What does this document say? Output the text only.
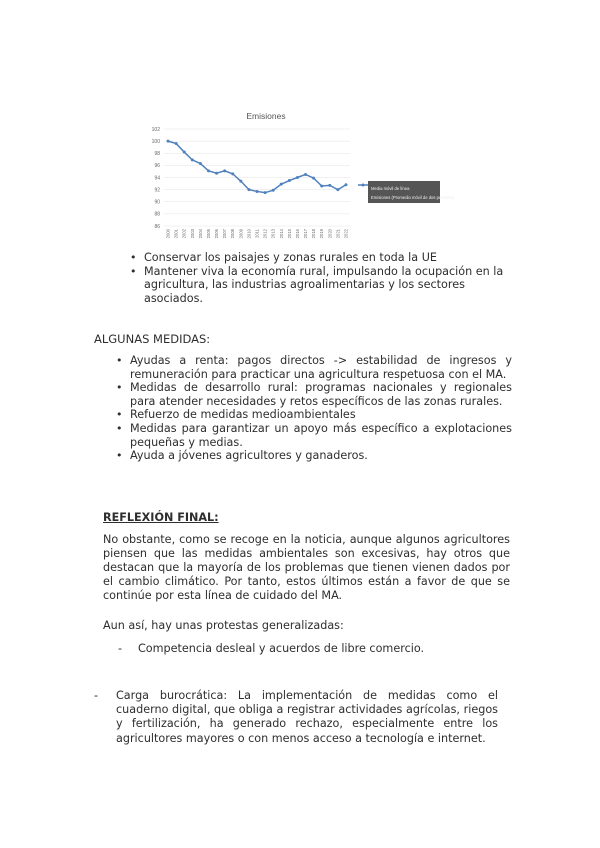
Emisiones
102
100
98
96
94
92
90
88
86
2000 2001 2002 2003 2004 2005 2006 2007 2008 2009 2010 2011 2012 2013 2014 2015 2016 2017 2018 2019 2020 2021 2022
Media móvil de línea
Emisiones (Promedio móvil de dos períodos)
• Conservar los paisajes y zonas rurales en toda la UE
• Mantener viva la economía rural, impulsando la ocupación en la agricultura, las industrias agroalimentarias y los sectores asociados.
ALGUNAS MEDIDAS:
• Ayudas a renta: pagos directos -> estabilidad de ingresos y remuneración para practicar una agricultura respetuosa con el MA.
• Medidas de desarrollo rural: programas nacionales y regionales para atender necesidades y retos específicos de las zonas rurales.
• Refuerzo de medidas medioambientales
• Medidas para garantizar un apoyo más específico a explotaciones pequeñas y medias.
• Ayuda a jóvenes agricultores y ganaderos.
REFLEXIÓN FINAL:
No obstante, como se recoge en la noticia, aunque algunos agricultores piensen que las medidas ambientales son excesivas, hay otros que destacan que la mayoría de los problemas que tienen vienen dados por el cambio climático. Por tanto, estos últimos están a favor de que se continúe por esta línea de cuidado del MA.
Aun así, hay unas protestas generalizadas:
- Competencia desleal y acuerdos de libre comercio.
- Carga burocrática: La implementación de medidas como el cuaderno digital, que obliga a registrar actividades agrícolas, riegos y fertilización, ha generado rechazo, especialmente entre los agricultores mayores o con menos acceso a tecnología e internet.
